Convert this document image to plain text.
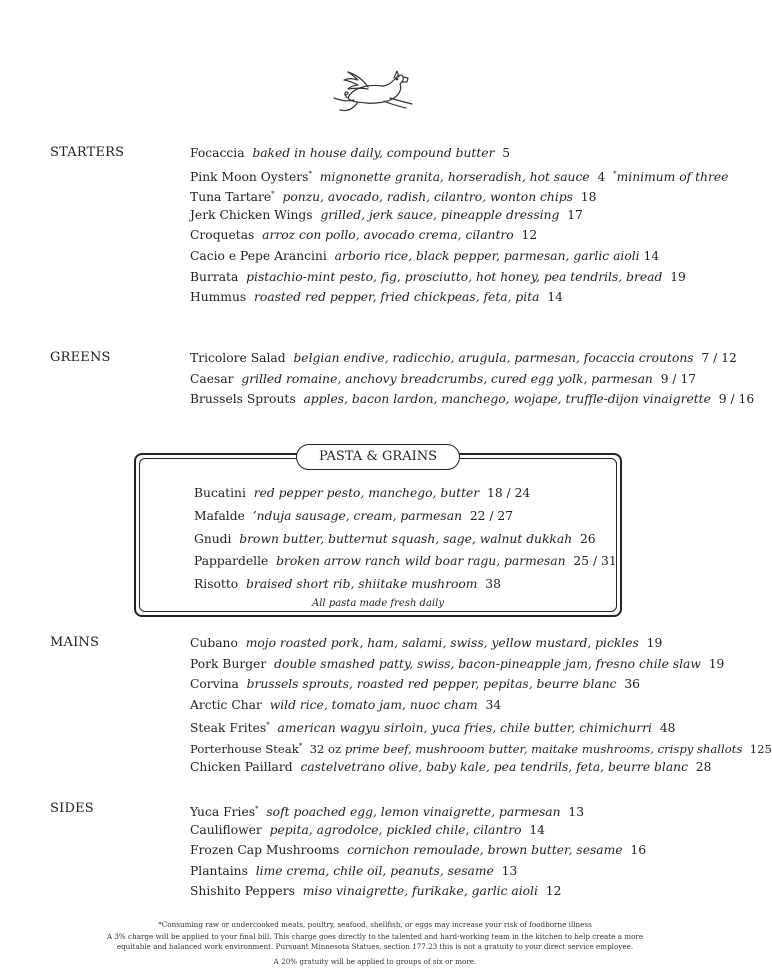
STARTERS	Focaccia baked in house daily, compound butter 5
Pink Moon Oysters* mignonette granita, horseradish, hot sauce 4 *minimum of three
Tuna Tartare* ponzu, avocado, radish, cilantro, wonton chips 18
Jerk Chicken Wings grilled, jerk sauce, pineapple dressing 17
Croquetas arroz con pollo, avocado crema, cilantro 12
Cacio e Pepe Arancini arborio rice, black pepper, parmesan, garlic aioli 14
Burrata pistachio-mint pesto, fig, prosciutto, hot honey, pea tendrils, bread 19
Hummus roasted red pepper, fried chickpeas, feta, pita 14
GREENS	Tricolore Salad belgian endive, radicchio, arugula, parmesan, focaccia croutons 7 / 12
Caesar grilled romaine, anchovy breadcrumbs, cured egg yolk, parmesan 9 / 17
Brussels Sprouts apples, bacon lardon, manchego, wojape, truffle-dijon vinaigrette 9 / 16
PASTA & GRAINS
Bucatini red pepper pesto, manchego, butter 18 / 24
Mafalde ’nduja sausage, cream, parmesan 22 / 27
Gnudi brown butter, butternut squash, sage, walnut dukkah 26
Pappardelle broken arrow ranch wild boar ragu, parmesan 25 / 31
Risotto braised short rib, shiitake mushroom 38
All pasta made fresh daily
MAINS	Cubano mojo roasted pork, ham, salami, swiss, yellow mustard, pickles 19
Pork Burger double smashed patty, swiss, bacon-pineapple jam, fresno chile slaw 19
Corvina brussels sprouts, roasted red pepper, pepitas, beurre blanc 36
Arctic Char wild rice, tomato jam, nuoc cham 34
Steak Frites* american wagyu sirloin, yuca fries, chile butter, chimichurri 48
Porterhouse Steak* 32 oz prime beef, mushrooom butter, maitake mushrooms, crispy shallots 125
Chicken Paillard castelvetrano olive, baby kale, pea tendrils, feta, beurre blanc 28
SIDES	Yuca Fries* soft poached egg, lemon vinaigrette, parmesan 13
Cauliflower pepita, agrodolce, pickled chile, cilantro 14
Frozen Cap Mushrooms cornichon remoulade, brown butter, sesame 16
Plantains lime crema, chile oil, peanuts, sesame 13
Shishito Peppers miso vinaigrette, furikake, garlic aioli 12
*Consuming raw or undercooked meats, poultry, seafood, shellfish, or eggs may increase your risk of foodborne illness
A 3% charge will be applied to your final bill. This charge goes directly to the talented and hard-working team in the kitchen to help create a more
equitable and balanced work environment. Pursuant Minnesota Statues, section 177.23 this is not a gratuity to your direct service employee.
A 20% gratuity will be applied to groups of six or more.
